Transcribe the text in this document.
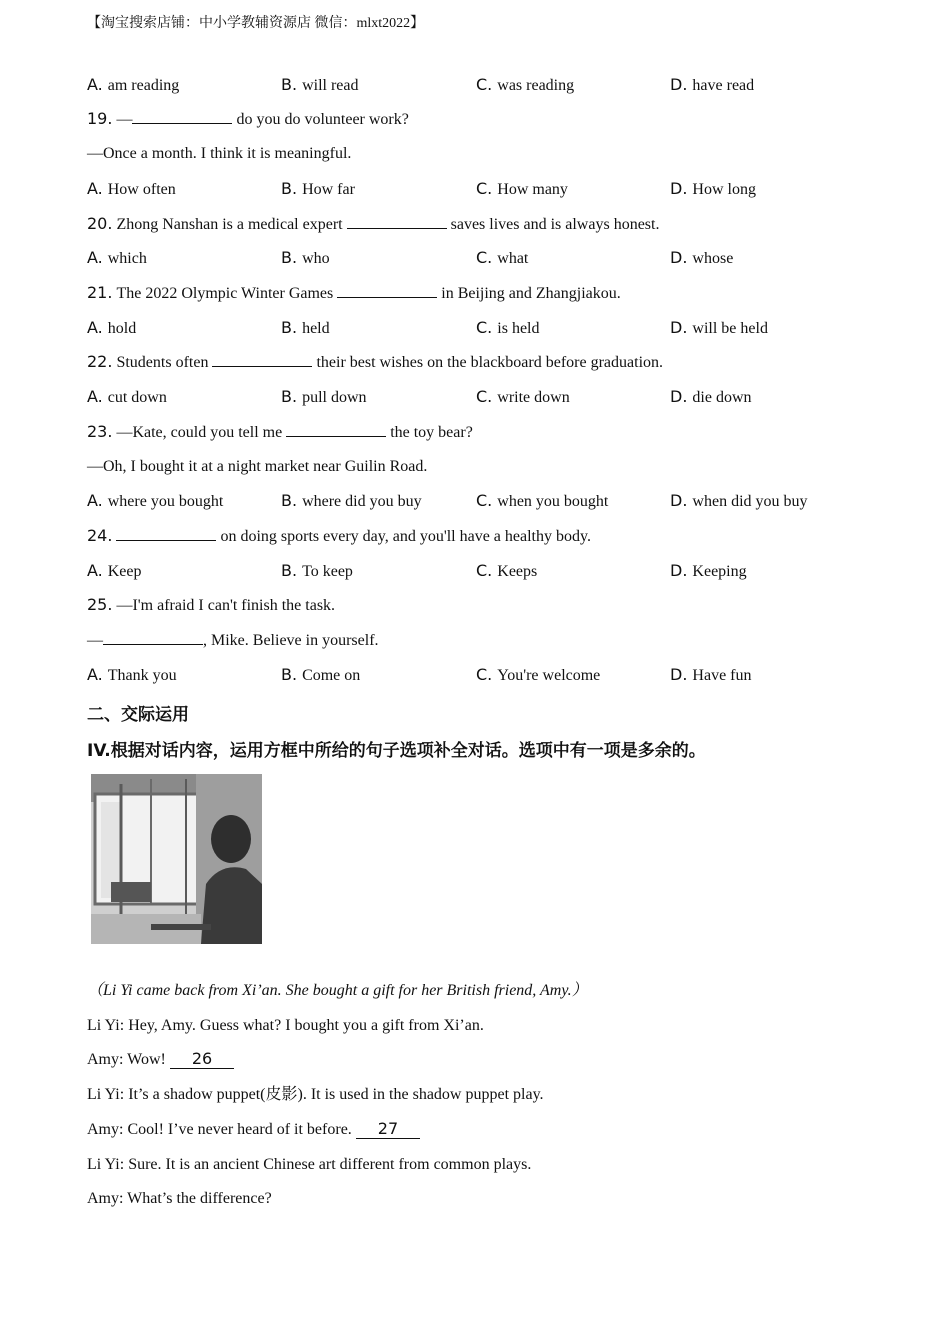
【淘宝搜索店铺：中小学教辅资源店 微信：mlxt2022】
A. am reading	B. will read	C. was reading	D. have read
19. —	do you do volunteer work?
—Once a month. I think it is meaningful.
A. How often	B. How far	C. How many	D. How long
20. Zhong Nanshan is a medical expert	saves lives and is always honest.
A. which	B. who	C. what	D. whose
21. The 2022 Olympic Winter Games	in Beijing and Zhangjiakou.
A. hold	B. held	C. is held	D. will be held
22. Students often	their best wishes on the blackboard before graduation.
A. cut down	B. pull down	C. write down	D. die down
23. —Kate, could you tell me	the toy bear?
—Oh, I bought it at a night market near Guilin Road.
A. where you bought	B. where did you buy	C. when you bought	D. when did you buy
24.	on doing sports every day, and you'll have a healthy body.
A. Keep	B. To keep	C. Keeps	D. Keeping
25. —I'm afraid I can't finish the task.
—	, Mike. Believe in yourself.
A. Thank you	B. Come on	C. You're welcome	D. Have fun
二、交际运用
IV.根据对话内容，运用方框中所给的句子选项补全对话。选项中有一项是多余的。
（Li Yi came back from Xi’an. She bought a gift for her British friend, Amy.）
Li Yi: Hey, Amy. Guess what? I bought you a gift from Xi’an.
Amy: Wow! 26
Li Yi: It’s a shadow puppet(皮影). It is used in the shadow puppet play.
Amy: Cool! I’ve never heard of it before. 27
Li Yi: Sure. It is an ancient Chinese art different from common plays.
Amy: What’s the difference?
